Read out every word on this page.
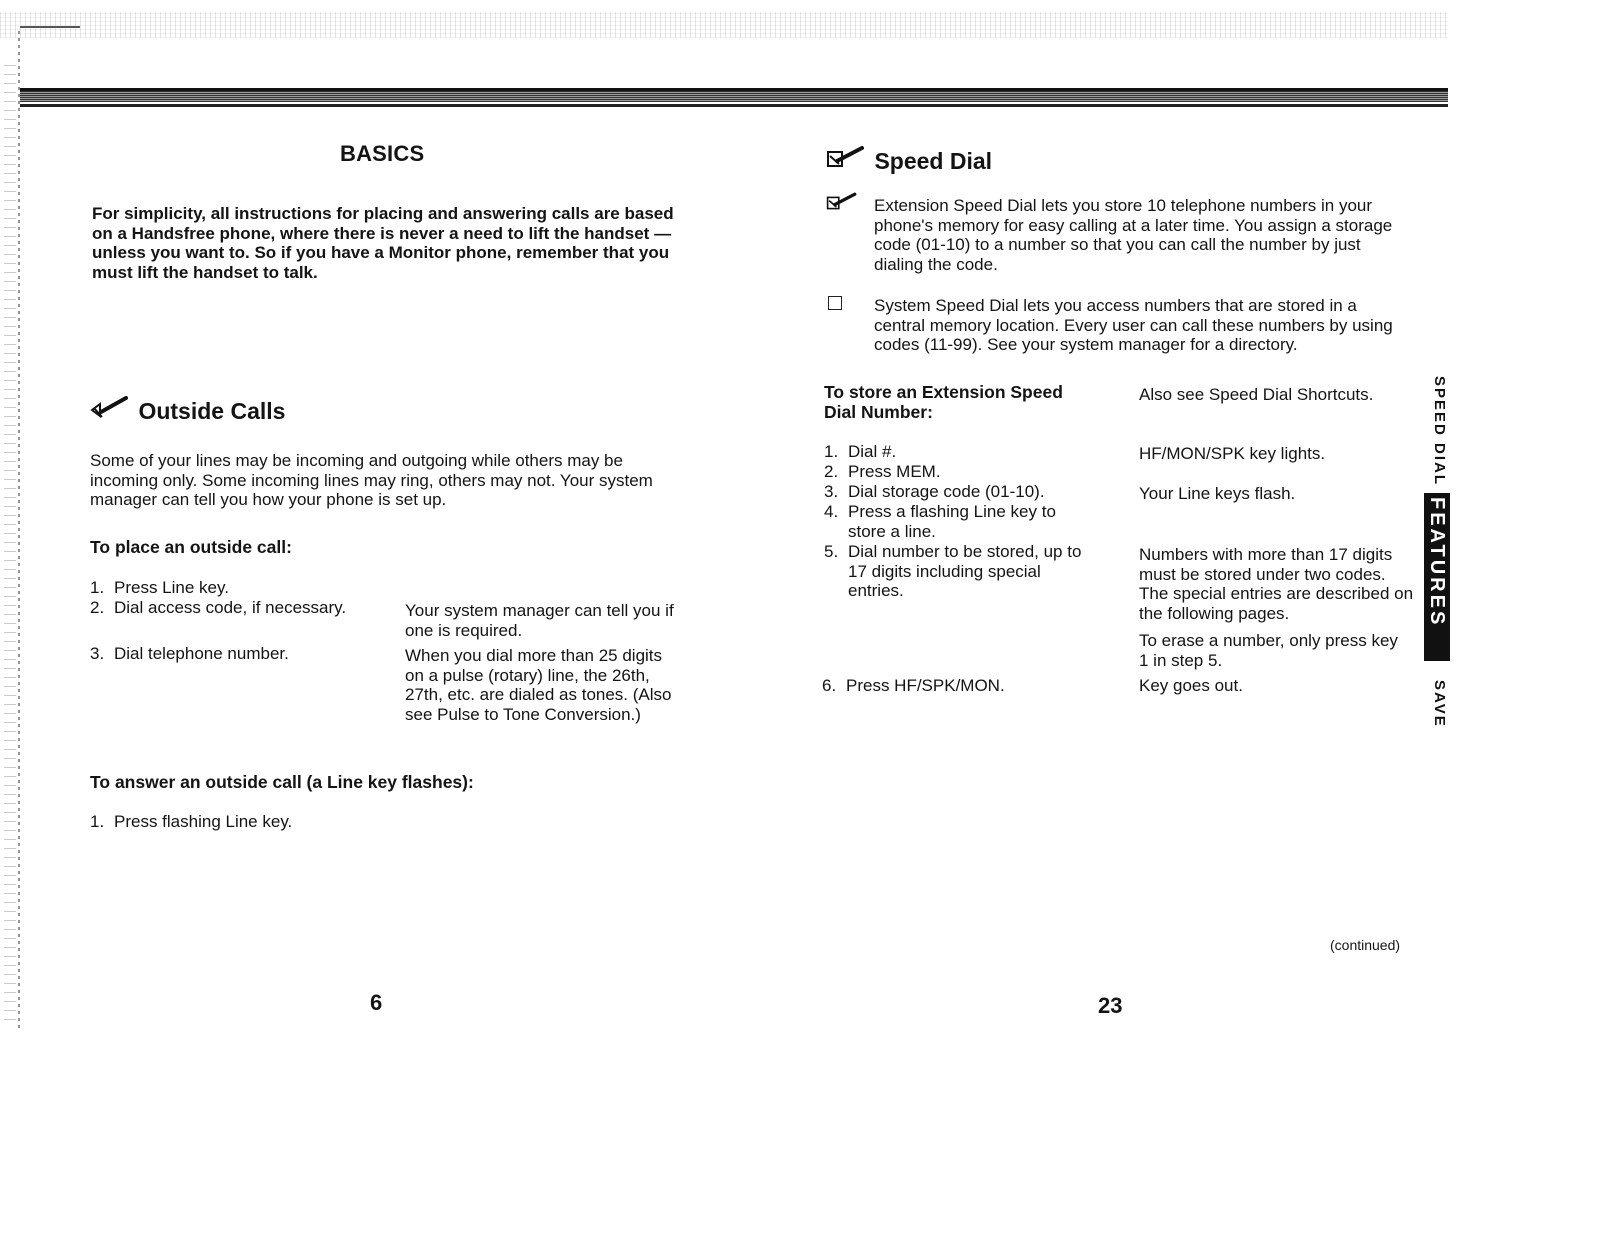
BASICS

For simplicity, all instructions for placing and answering calls are based on a Handsfree phone, where there is never a need to lift the handset — unless you want to. So if you have a Monitor phone, remember that you must lift the handset to talk.

Outside Calls

Some of your lines may be incoming and outgoing while others may be incoming only. Some incoming lines may ring, others may not. Your system manager can tell you how your phone is set up.

To place an outside call:
1. Press Line key.
2. Dial access code, if necessary.	Your system manager can tell you if one is required.

3. Dial telephone number.	When you dial more than 25 digits on a pulse (rotary) line, the 26th, 27th, etc. are dialed as tones. (Also see Pulse to Tone Conversion.)

To answer an outside call (a Line key flashes):
1. Press flashing Line key.
6
Speed Dial

Extension Speed Dial lets you store 10 telephone numbers in your phone's memory for easy calling at a later time. You assign a storage code (01-10) to a number so that you can call the number by just dialing the code.

System Speed Dial lets you access numbers that are stored in a central memory location. Every user can call these numbers by using codes (11-99). See your system manager for a directory.

To store an Extension Speed Dial Number:

Also see Speed Dial Shortcuts.

1. Dial #.
2. Press MEM.
3. Dial storage code (01-10).
4. Press a flashing Line key to store a line.
5. Dial number to be stored, up to 17 digits including special entries.
6. Press HF/SPK/MON.

HF/MON/SPK key lights.

Your Line keys flash.

Numbers with more than 17 digits must be stored under two codes. The special entries are described on the following pages.

To erase a number, only press key 1 in step 5.

Key goes out.

(continued)
23
SPEED DIAL
FEATURES
SAVE
